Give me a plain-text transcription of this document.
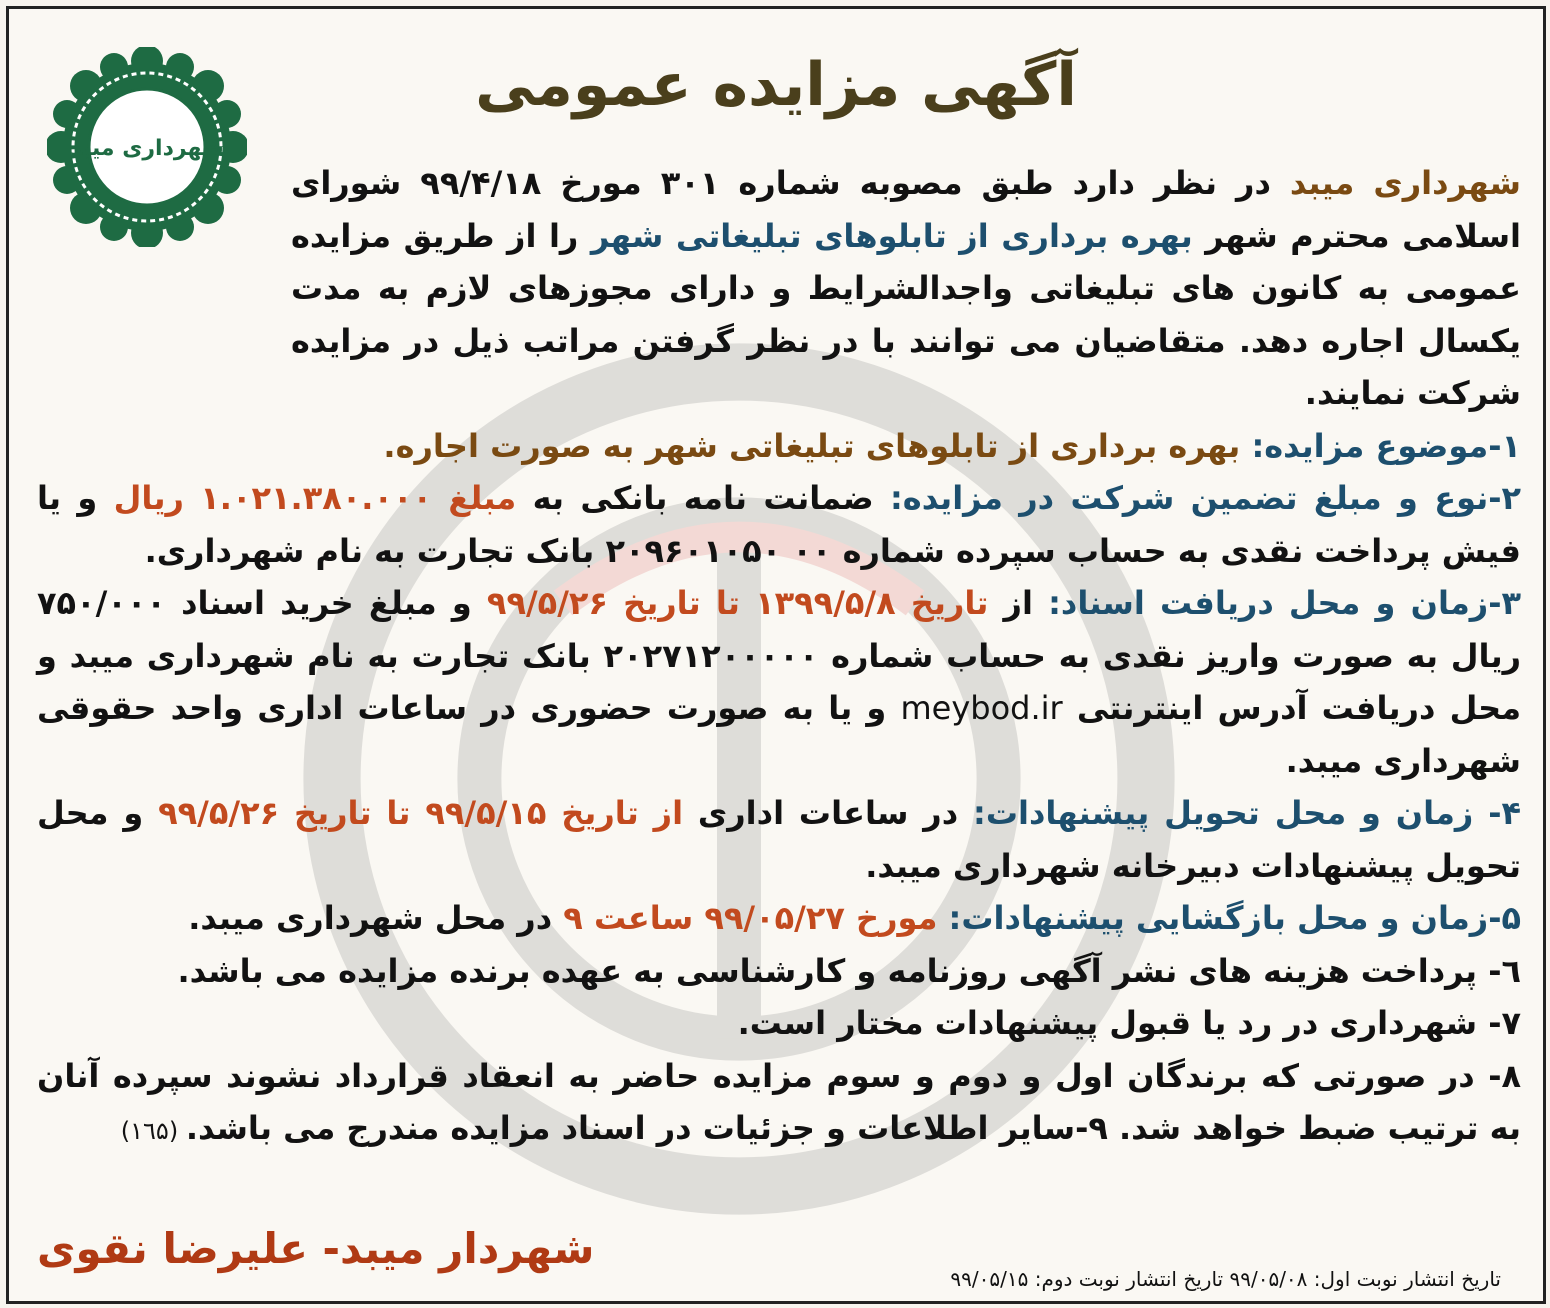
شهرداری میبد
آگهی مزایده عمومی

شهرداری میبد در نظر دارد طبق مصوبه شماره ۳۰۱ مورخ ۹۹/۴/۱۸ شورای اسلامی محترم شهر بهره برداری از تابلوهای تبلیغاتی شهر را از طریق مزایده عمومی به کانون های تبلیغاتی واجدالشرایط و دارای مجوزهای لازم به مدت یکسال اجاره دهد. متقاضیان می توانند با در نظر گرفتن مراتب ذیل در مزایده شرکت نمایند.

۱-موضوع مزایده: بهره برداری از تابلوهای تبلیغاتی شهر به صورت اجاره.

۲-نوع و مبلغ تضمین شرکت در مزایده: ضمانت نامه بانکی به مبلغ ۱.۰۲۱.۳۸۰.۰۰۰ ریال و یا فیش پرداخت نقدی به حساب سپرده شماره ۰۰ ۲۰۹۶۰۱۰۵۰ بانک تجارت به نام شهرداری.

۳-زمان و محل دریافت اسناد: از تاریخ ۱۳۹۹/۵/۸ تا تاریخ ۹۹/۵/۲۶ و مبلغ خرید اسناد ۷۵۰/۰۰۰ ریال به صورت واریز نقدی به حساب شماره ۲۰۲۷۱۲۰۰۰۰۰ بانک تجارت به نام شهرداری میبد و محل دریافت آدرس اینترنتی meybod.ir و یا به صورت حضوری در ساعات اداری واحد حقوقی شهرداری میبد.

۴- زمان و محل تحویل پیشنهادات: در ساعات اداری از تاریخ ۹۹/۵/۱۵ تا تاریخ ۹۹/۵/۲۶ و محل تحویل پیشنهادات دبیرخانه شهرداری میبد.

۵-زمان و محل بازگشایی پیشنهادات: مورخ ۹۹/۰۵/۲۷ ساعت ۹ در محل شهرداری میبد.

٦- پرداخت هزینه های نشر آگهی روزنامه و کارشناسی به عهده برنده مزایده می باشد.

۷- شهرداری در رد یا قبول پیشنهادات مختار است.

۸- در صورتی که برندگان اول و دوم و سوم مزایده حاضر به انعقاد قرارداد نشوند سپرده آنان به ترتیب ضبط خواهد شد. ۹-سایر اطلاعات و جزئیات در اسناد مزایده مندرج می باشد. (۱٦۵)

شهردار میبد- علیرضا نقوی

تاریخ انتشار نوبت اول: ۹۹/۰۵/۰۸ تاریخ انتشار نوبت دوم: ۹۹/۰۵/۱۵
